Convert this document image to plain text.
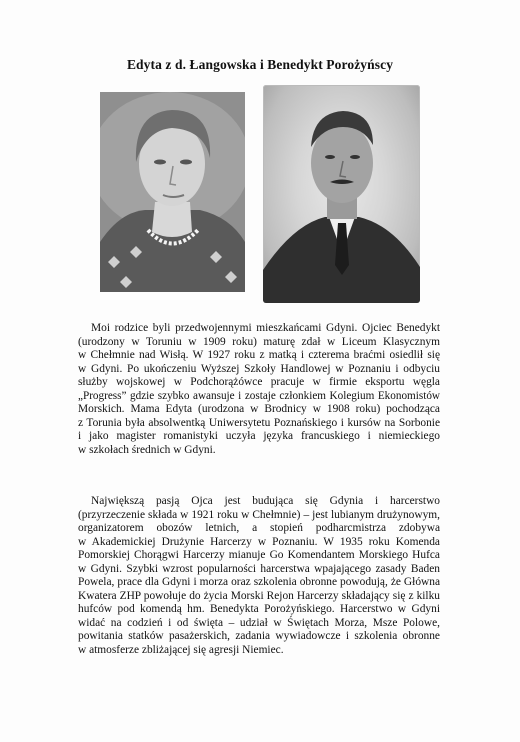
Edyta z d. Łangowska i Benedykt Porożyńscy
Moi rodzice byli przedwojennymi mieszkańcami Gdyni. Ojciec Benedykt
(urodzony w Toruniu w 1909 roku) maturę zdał w Liceum Klasycznym
w Chełmnie nad Wisłą. W 1927 roku z matką i czterema braćmi osiedlił się
w Gdyni. Po ukończeniu Wyższej Szkoły Handlowej w Poznaniu i odbyciu
służby wojskowej w Podchorążówce pracuje w firmie eksportu węgla
„Progress” gdzie szybko awansuje i zostaje członkiem Kolegium Ekonomistów
Morskich. Mama Edyta (urodzona w Brodnicy w 1908 roku) pochodząca
z Torunia była absolwentką Uniwersytetu Poznańskiego i kursów na Sorbonie
i jako magister romanistyki uczyła języka francuskiego i niemieckiego
w szkołach średnich w Gdyni.
Największą pasją Ojca jest budująca się Gdynia i harcerstwo
(przyrzeczenie składa w 1921 roku w Chełmnie) – jest lubianym drużynowym,
organizatorem obozów letnich, a stopień podharcmistrza zdobywa
w Akademickiej Drużynie Harcerzy w Poznaniu. W 1935 roku Komenda
Pomorskiej Chorągwi Harcerzy mianuje Go Komendantem Morskiego Hufca
w Gdyni. Szybki wzrost popularności harcerstwa wpajającego zasady Baden
Powela, prace dla Gdyni i morza oraz szkolenia obronne powodują, że Główna
Kwatera ZHP powołuje do życia Morski Rejon Harcerzy składający się z kilku
hufców pod komendą hm. Benedykta Porożyńskiego. Harcerstwo w Gdyni
widać na codzień i od święta – udział w Świętach Morza, Msze Polowe,
powitania statków pasażerskich, zadania wywiadowcze i szkolenia obronne
w atmosferze zbliżającej się agresji Niemiec.
